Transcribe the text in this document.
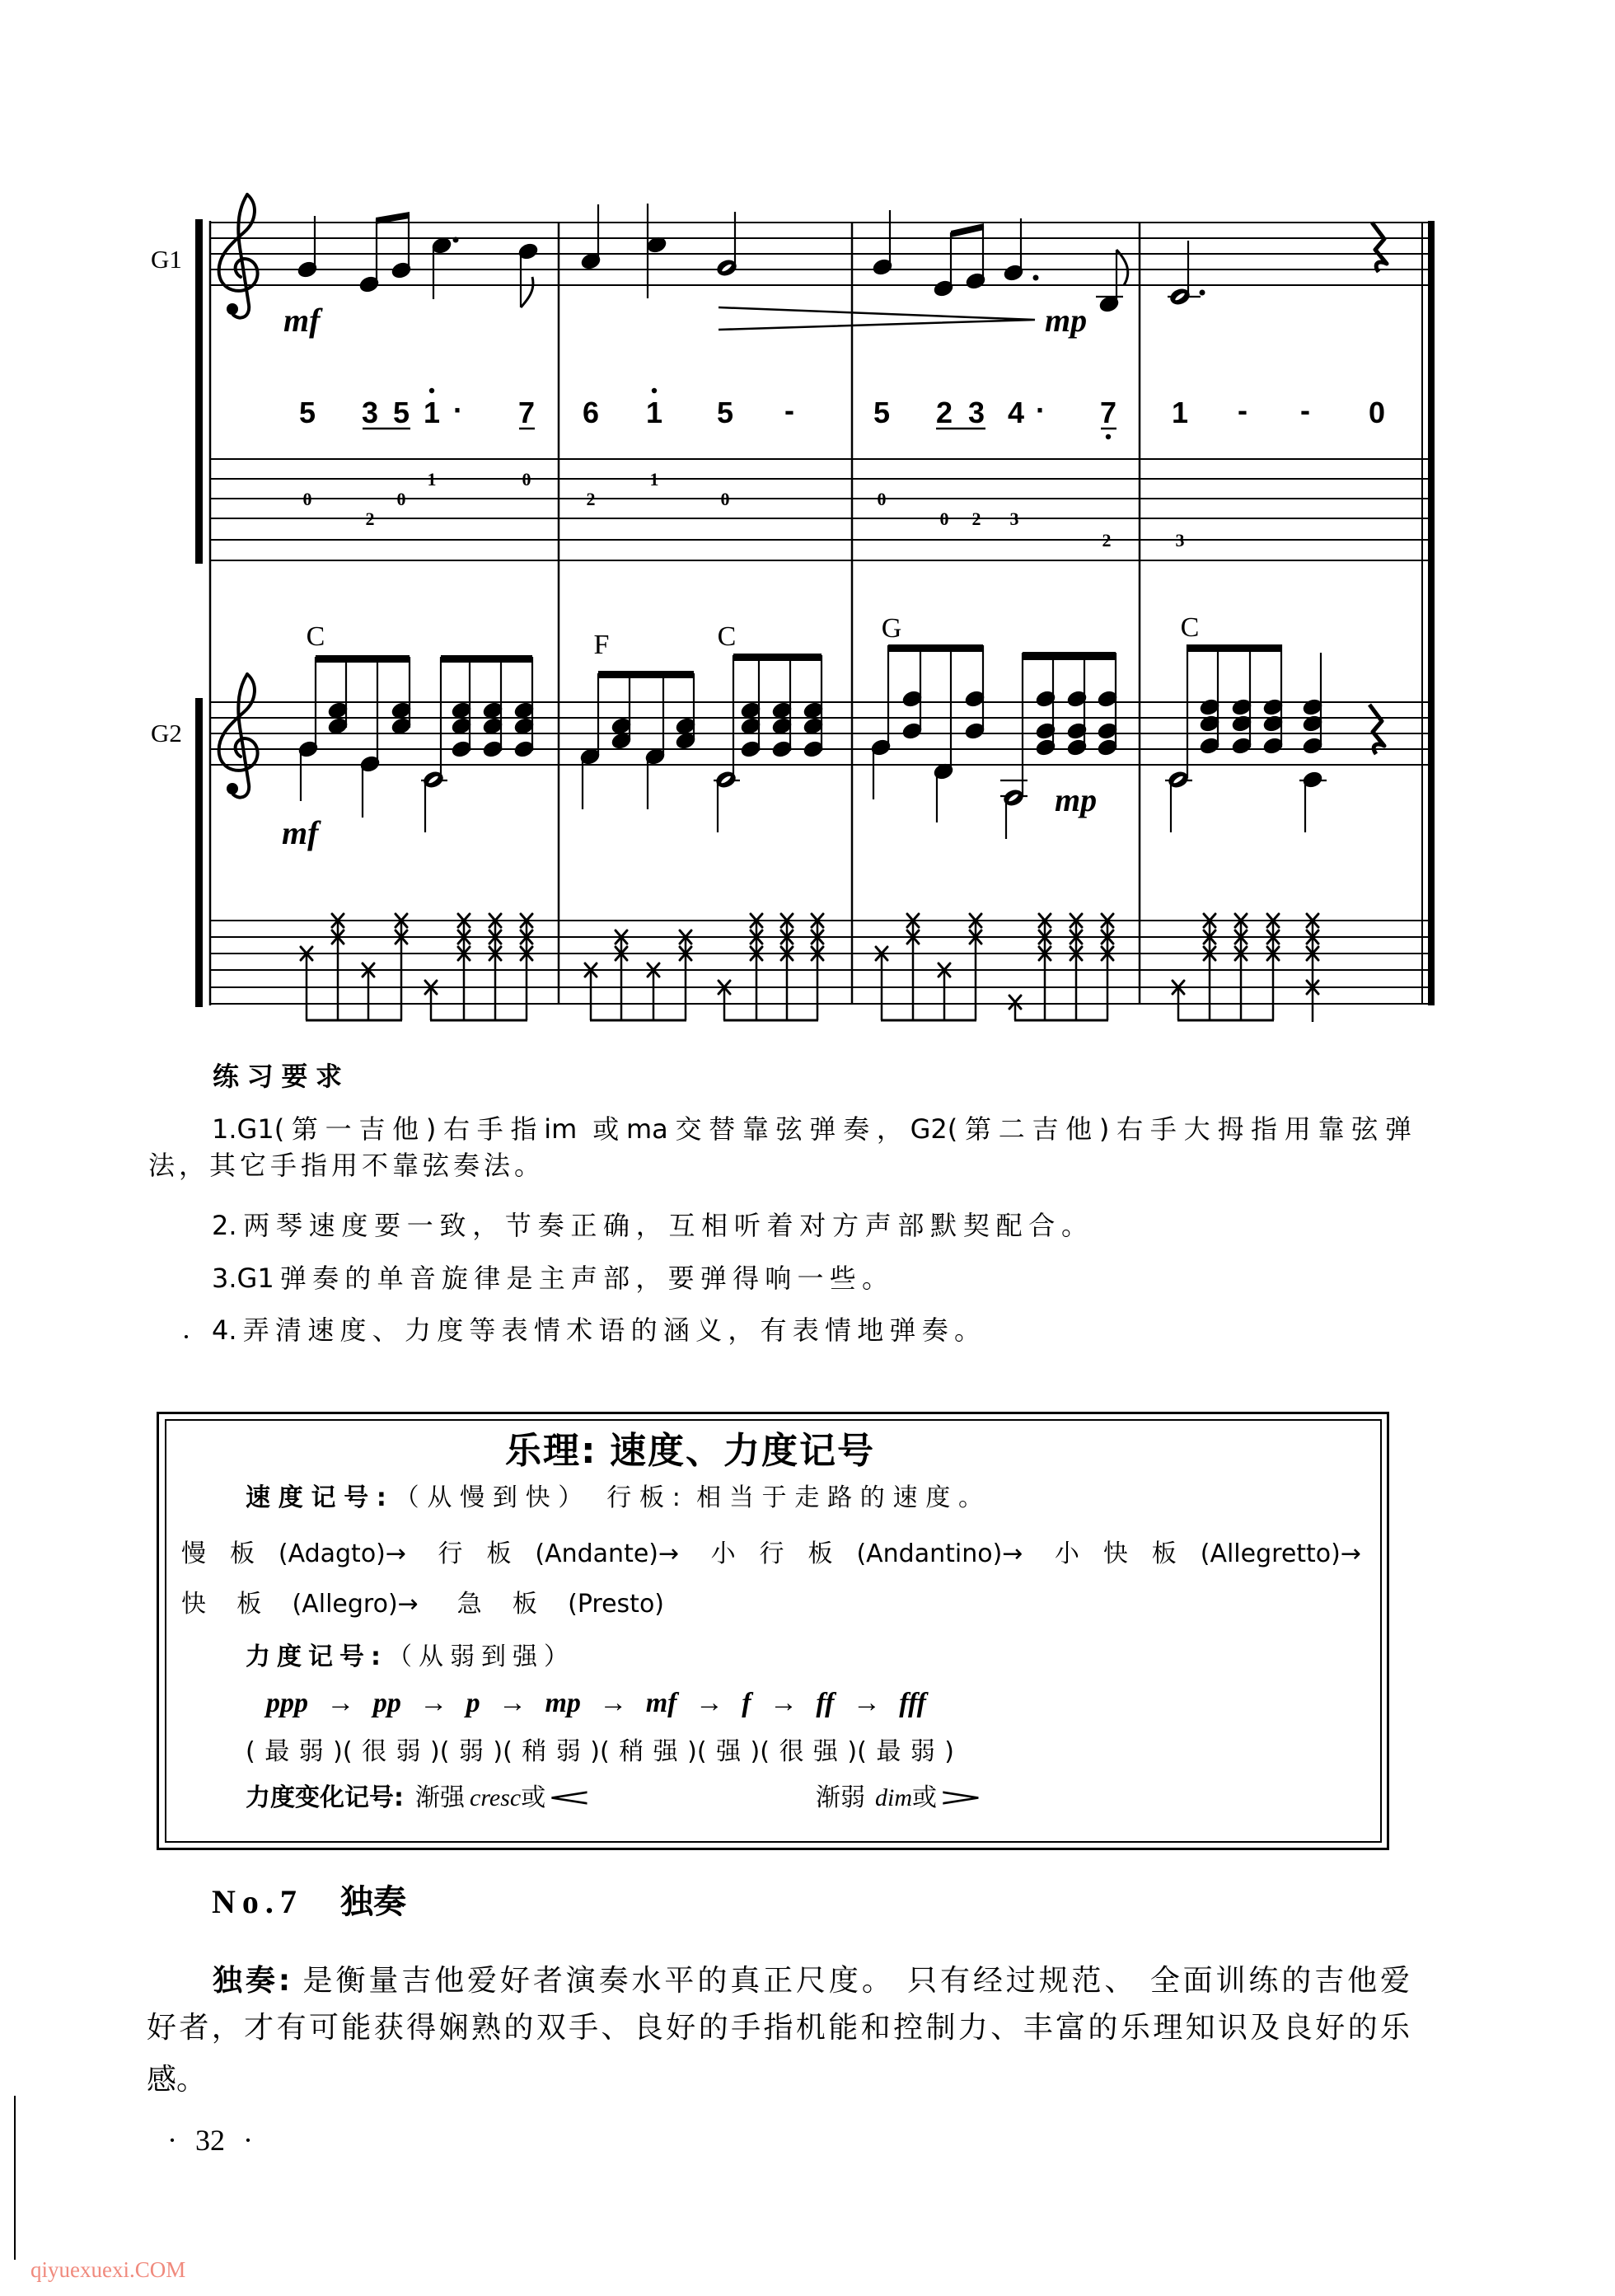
G1
G2
mf	mp
5 3 5 1 · 7 6 1 5 -	5 2 3 4 · 7 1 - - 0
0
2
0
1	0
2
1
0	0
0 2 3
2	3
C	F	C	G	C
mf
mp
练习要求
1.G1(第一吉他)右手指im 或ma交替靠弦弹奏，G2(第二吉他)右手大拇指用靠弦弹
法，其它手指用不靠弦奏法。
2.两琴速度要一致，节奏正确，互相听着对方声部默契配合。
3.G1弹奏的单音旋律是主声部，要弹得响一些。
4.弄清速度、力度等表情术语的涵义，有表情地弹奏。
乐理: 速度、力度记号
速度记号:（从慢到快） 行板: 相当于走路的速度。
慢板(Adagto)→ 行板(Andante)→ 小行板(Andantino)→ 小快板(Allegretto)→
快板(Allegro)→ 急板(Presto)
力度记号:（从弱到强）
ppp → pp → p → mp → mf → f → ff → fff
(最弱)(很弱)(弱)(稍弱)(稍强)(强)(很强)(最弱)
力度变化记号: 渐强 cresc或<	渐弱 dim或>
No.7 独奏
独奏: 是衡量吉他爱好者演奏水平的真正尺度。 只有经过规范、 全面训练的吉他爱
好者，才有可能获得娴熟的双手、良好的手指机能和控制力、丰富的乐理知识及良好的乐
感。
· 32 ·
qiyuexuexi.COM
